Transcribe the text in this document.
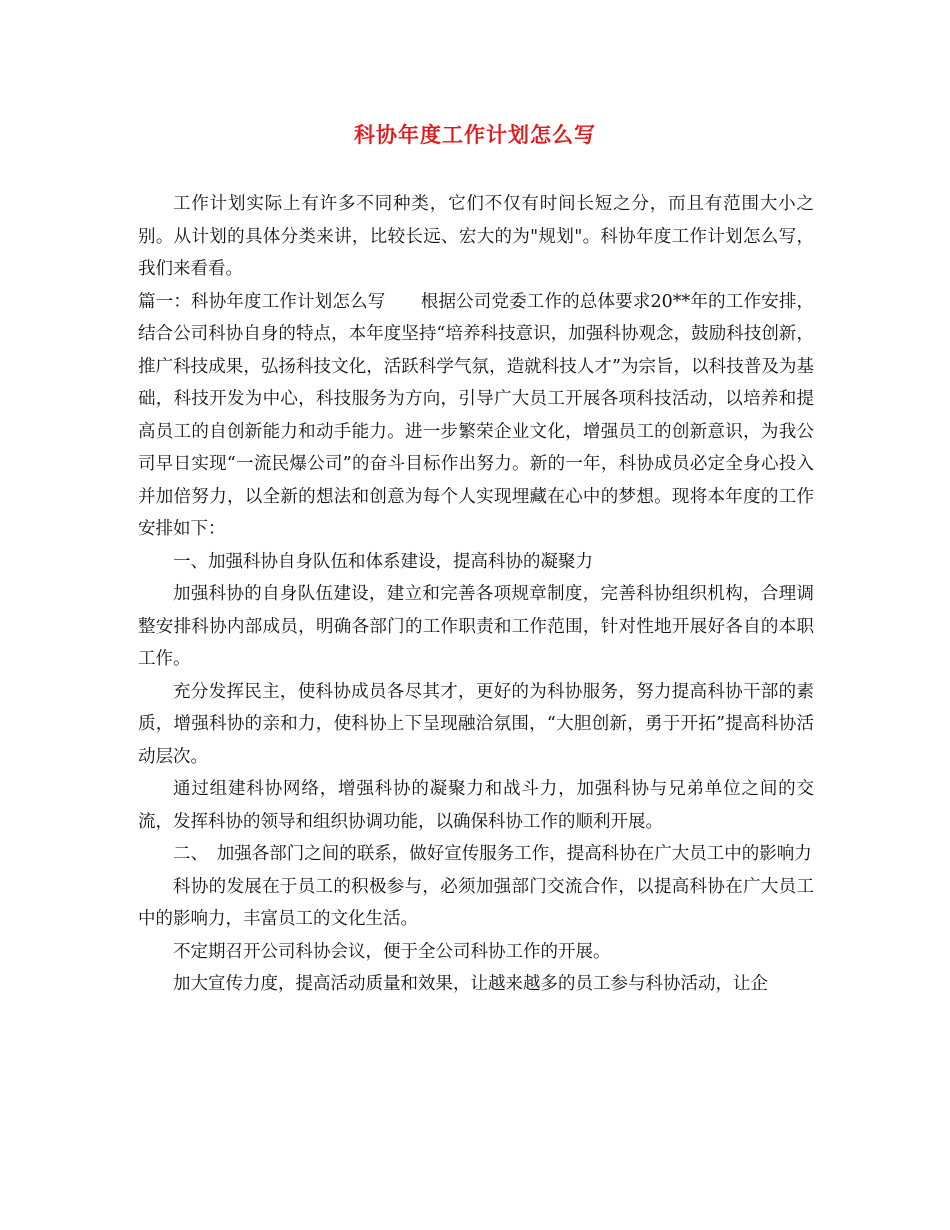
科协年度工作计划怎么写

工作计划实际上有许多不同种类，它们不仅有时间长短之分，而且有范围大小之别。从计划的具体分类来讲，比较长远、宏大的为"规划"。科协年度工作计划怎么写，我们来看看。

篇一：科协年度工作计划怎么写　　根据公司党委工作的总体要求20**年的工作安排，结合公司科协自身的特点，本年度坚持“培养科技意识，加强科协观念，鼓励科技创新，推广科技成果，弘扬科技文化，活跃科学气氛，造就科技人才”为宗旨，以科技普及为基础，科技开发为中心，科技服务为方向，引导广大员工开展各项科技活动，以培养和提高员工的自创新能力和动手能力。进一步繁荣企业文化，增强员工的创新意识，为我公司早日实现“一流民爆公司”的奋斗目标作出努力。新的一年，科协成员必定全身心投入并加倍努力，以全新的想法和创意为每个人实现埋藏在心中的梦想。现将本年度的工作安排如下：

一、加强科协自身队伍和体系建设，提高科协的凝聚力

加强科协的自身队伍建设，建立和完善各项规章制度，完善科协组织机构，合理调整安排科协内部成员，明确各部门的工作职责和工作范围，针对性地开展好各自的本职工作。

充分发挥民主，使科协成员各尽其才，更好的为科协服务，努力提高科协干部的素质，增强科协的亲和力，使科协上下呈现融洽氛围，“大胆创新，勇于开拓”提高科协活动层次。

通过组建科协网络，增强科协的凝聚力和战斗力，加强科协与兄弟单位之间的交流，发挥科协的领导和组织协调功能，以确保科协工作的顺利开展。

二、　加强各部门之间的联系，做好宣传服务工作，提高科协在广大员工中的影响力

科协的发展在于员工的积极参与，必须加强部门交流合作，以提高科协在广大员工中的影响力，丰富员工的文化生活。

不定期召开公司科协会议，便于全公司科协工作的开展。

加大宣传力度，提高活动质量和效果，让越来越多的员工参与科协活动，让企
